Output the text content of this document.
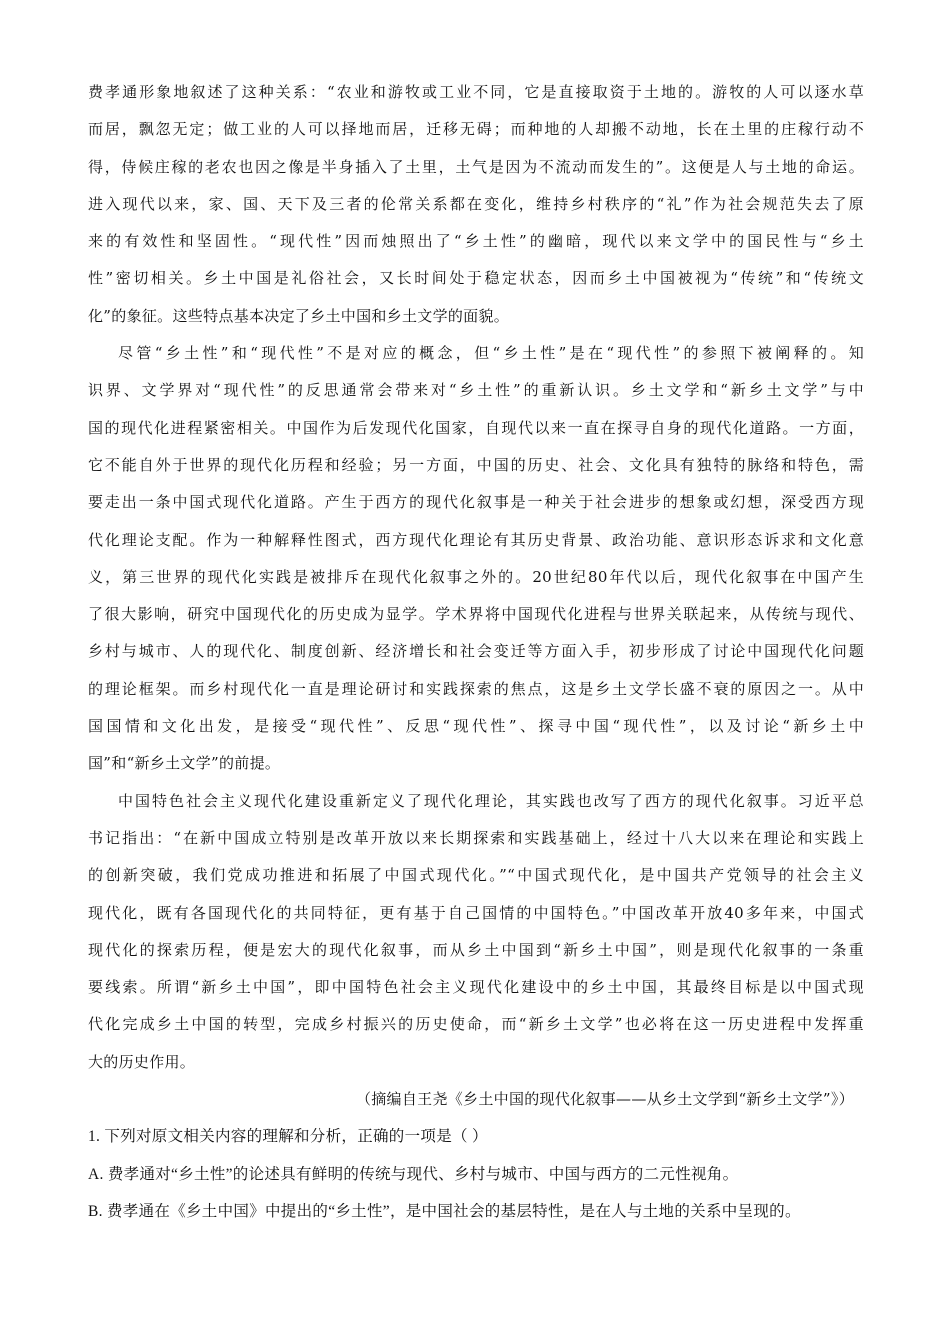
费孝通形象地叙述了这种关系：“农业和游牧或工业不同，它是直接取资于土地的。游牧的人可以逐水草
而居，飘忽无定；做工业的人可以择地而居，迁移无碍；而种地的人却搬不动地，长在土里的庄稼行动不
得，侍候庄稼的老农也因之像是半身插入了土里，土气是因为不流动而发生的”。这便是人与土地的命运。
进入现代以来，家、国、天下及三者的伦常关系都在变化，维持乡村秩序的“礼”作为社会规范失去了原
来的有效性和坚固性。“现代性”因而烛照出了“乡土性”的幽暗，现代以来文学中的国民性与“乡土
性”密切相关。乡土中国是礼俗社会，又长时间处于稳定状态，因而乡土中国被视为“传统”和“传统文
化”的象征。这些特点基本决定了乡土中国和乡土文学的面貌。
尽管“乡土性”和“现代性”不是对应的概念，但“乡土性”是在“现代性”的参照下被阐释的。知
识界、文学界对“现代性”的反思通常会带来对“乡土性”的重新认识。乡土文学和“新乡土文学”与中
国的现代化进程紧密相关。中国作为后发现代化国家，自现代以来一直在探寻自身的现代化道路。一方面，
它不能自外于世界的现代化历程和经验；另一方面，中国的历史、社会、文化具有独特的脉络和特色，需
要走出一条中国式现代化道路。产生于西方的现代化叙事是一种关于社会进步的想象或幻想，深受西方现
代化理论支配。作为一种解释性图式，西方现代化理论有其历史背景、政治功能、意识形态诉求和文化意
义，第三世界的现代化实践是被排斥在现代化叙事之外的。20世纪80年代以后，现代化叙事在中国产生
了很大影响，研究中国现代化的历史成为显学。学术界将中国现代化进程与世界关联起来，从传统与现代、
乡村与城市、人的现代化、制度创新、经济增长和社会变迁等方面入手，初步形成了讨论中国现代化问题
的理论框架。而乡村现代化一直是理论研讨和实践探索的焦点，这是乡土文学长盛不衰的原因之一。从中
国国情和文化出发，是接受“现代性”、反思“现代性”、探寻中国“现代性”，以及讨论“新乡土中
国”和“新乡土文学”的前提。
中国特色社会主义现代化建设重新定义了现代化理论，其实践也改写了西方的现代化叙事。习近平总
书记指出：“在新中国成立特别是改革开放以来长期探索和实践基础上，经过十八大以来在理论和实践上
的创新突破，我们党成功推进和拓展了中国式现代化。”“中国式现代化，是中国共产党领导的社会主义
现代化，既有各国现代化的共同特征，更有基于自己国情的中国特色。”中国改革开放40多年来，中国式
现代化的探索历程，便是宏大的现代化叙事，而从乡土中国到“新乡土中国”，则是现代化叙事的一条重
要线索。所谓“新乡土中国”，即中国特色社会主义现代化建设中的乡土中国，其最终目标是以中国式现
代化完成乡土中国的转型，完成乡村振兴的历史使命，而“新乡土文学”也必将在这一历史进程中发挥重
大的历史作用。
（摘编自王尧《乡土中国的现代化叙事——从乡土文学到“新乡土文学”》）
1. 下列对原文相关内容的理解和分析，正确的一项是（ ）
A. 费孝通对“乡土性”的论述具有鲜明的传统与现代、乡村与城市、中国与西方的二元性视角。
B. 费孝通在《乡土中国》中提出的“乡土性”，是中国社会的基层特性，是在人与土地的关系中呈现的。
